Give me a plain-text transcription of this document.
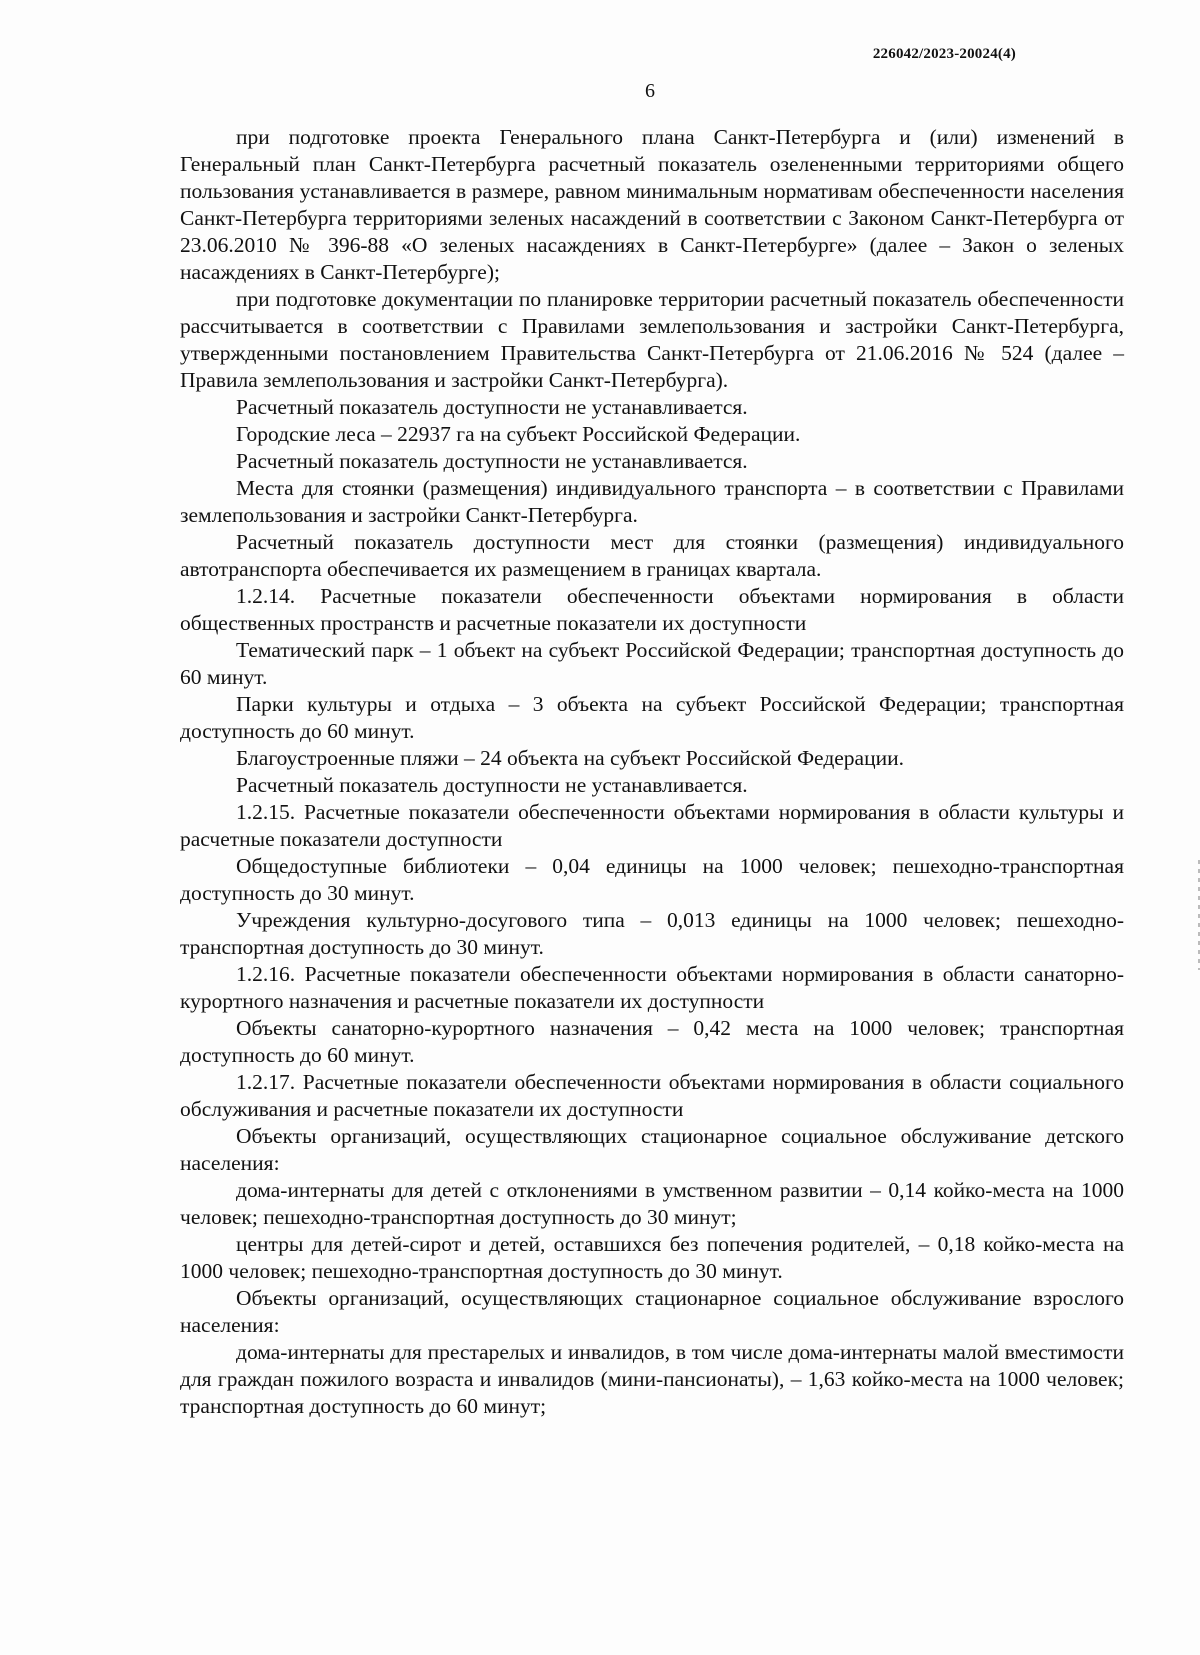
226042/2023-20024(4)
6

при подготовке проекта Генерального плана Санкт-Петербурга и (или) изменений в Генеральный план Санкт-Петербурга расчетный показатель озелененными территориями общего пользования устанавливается в размере, равном минимальным нормативам обеспеченности населения Санкт-Петербурга территориями зеленых насаждений в соответствии с Законом Санкт-Петербурга от 23.06.2010 № 396-88 «О зеленых насаждениях в Санкт-Петербурге» (далее – Закон о зеленых насаждениях в Санкт-Петербурге);

при подготовке документации по планировке территории расчетный показатель обеспеченности рассчитывается в соответствии с Правилами землепользования и застройки Санкт-Петербурга, утвержденными постановлением Правительства Санкт-Петербурга от 21.06.2016 № 524 (далее – Правила землепользования и застройки Санкт-Петербурга).

Расчетный показатель доступности не устанавливается.

Городские леса – 22937 га на субъект Российской Федерации.

Расчетный показатель доступности не устанавливается.

Места для стоянки (размещения) индивидуального транспорта – в соответствии с Правилами землепользования и застройки Санкт-Петербурга.

Расчетный показатель доступности мест для стоянки (размещения) индивидуального автотранспорта обеспечивается их размещением в границах квартала.

1.2.14. Расчетные показатели обеспеченности объектами нормирования в области общественных пространств и расчетные показатели их доступности

Тематический парк – 1 объект на субъект Российской Федерации; транспортная доступность до 60 минут.

Парки культуры и отдыха – 3 объекта на субъект Российской Федерации; транспортная доступность до 60 минут.

Благоустроенные пляжи – 24 объекта на субъект Российской Федерации.

Расчетный показатель доступности не устанавливается.

1.2.15. Расчетные показатели обеспеченности объектами нормирования в области культуры и расчетные показатели доступности

Общедоступные библиотеки – 0,04 единицы на 1000 человек; пешеходно-транспортная доступность до 30 минут.

Учреждения культурно-досугового типа – 0,013 единицы на 1000 человек; пешеходно-транспортная доступность до 30 минут.

1.2.16. Расчетные показатели обеспеченности объектами нормирования в области санаторно-курортного назначения и расчетные показатели их доступности

Объекты санаторно-курортного назначения – 0,42 места на 1000 человек; транспортная доступность до 60 минут.

1.2.17. Расчетные показатели обеспеченности объектами нормирования в области социального обслуживания и расчетные показатели их доступности

Объекты организаций, осуществляющих стационарное социальное обслуживание детского населения:

дома-интернаты для детей с отклонениями в умственном развитии – 0,14 койко-места на 1000 человек; пешеходно-транспортная доступность до 30 минут;

центры для детей-сирот и детей, оставшихся без попечения родителей, – 0,18 койко-места на 1000 человек; пешеходно-транспортная доступность до 30 минут.

Объекты организаций, осуществляющих стационарное социальное обслуживание взрослого населения:

дома-интернаты для престарелых и инвалидов, в том числе дома-интернаты малой вместимости для граждан пожилого возраста и инвалидов (мини-пансионаты), – 1,63 койко-места на 1000 человек; транспортная доступность до 60 минут;
